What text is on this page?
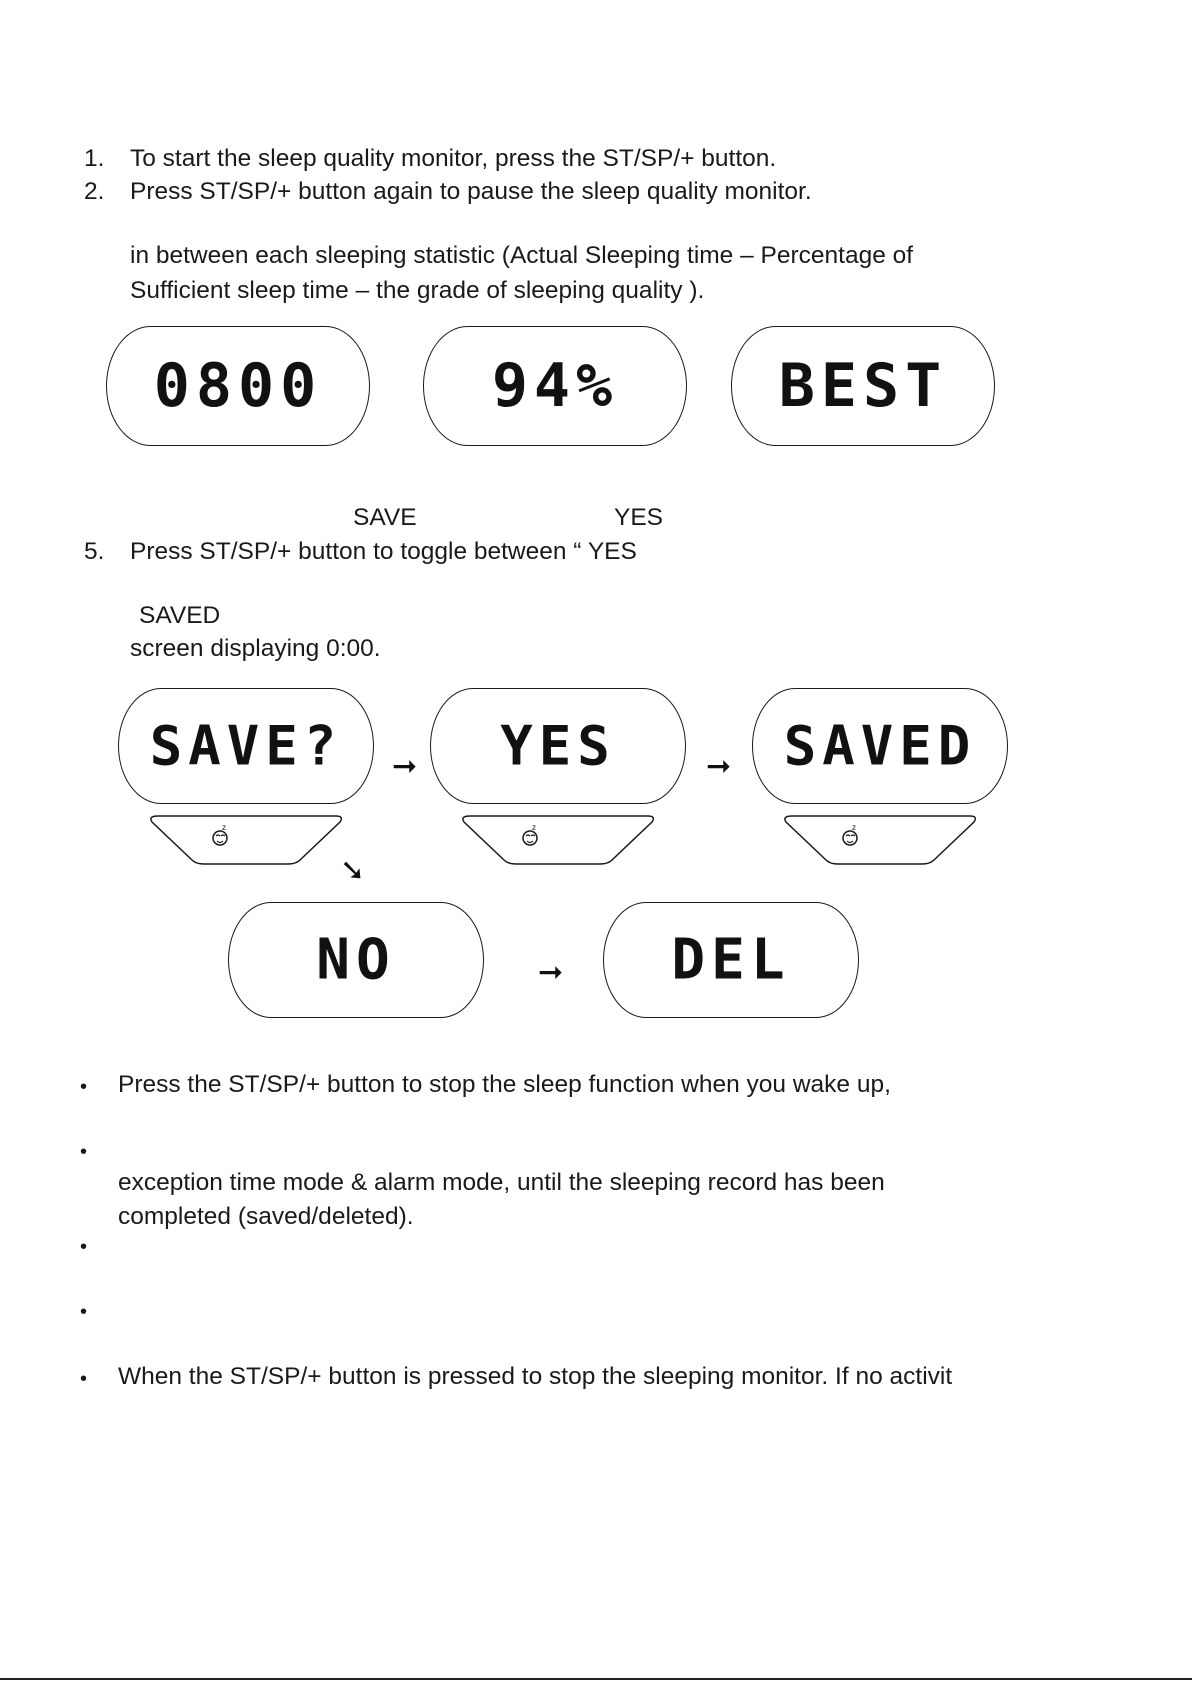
1. To start the sleep quality monitor, press the ST/SP/+ button.
2. Press ST/SP/+ button again to pause the sleep quality monitor.
in between each sleeping statistic (Actual Sleeping time – Percentage of
Sufficient sleep time – the grade of sleeping quality ).
0800	94%	BEST
SAVE	YES
5. Press ST/SP/+ button to toggle between “ YES
SAVED
screen displaying 0:00.
SAVE?	➞	YES	➞ SAVED
z	z	z
➘
NO	➞	DEL
• Press the ST/SP/+ button to stop the sleep function when you wake up,
•
exception time mode & alarm mode, until the sleeping record has been
completed (saved/deleted).
•
•
• When the ST/SP/+ button is pressed to stop the sleeping monitor. If no activit
